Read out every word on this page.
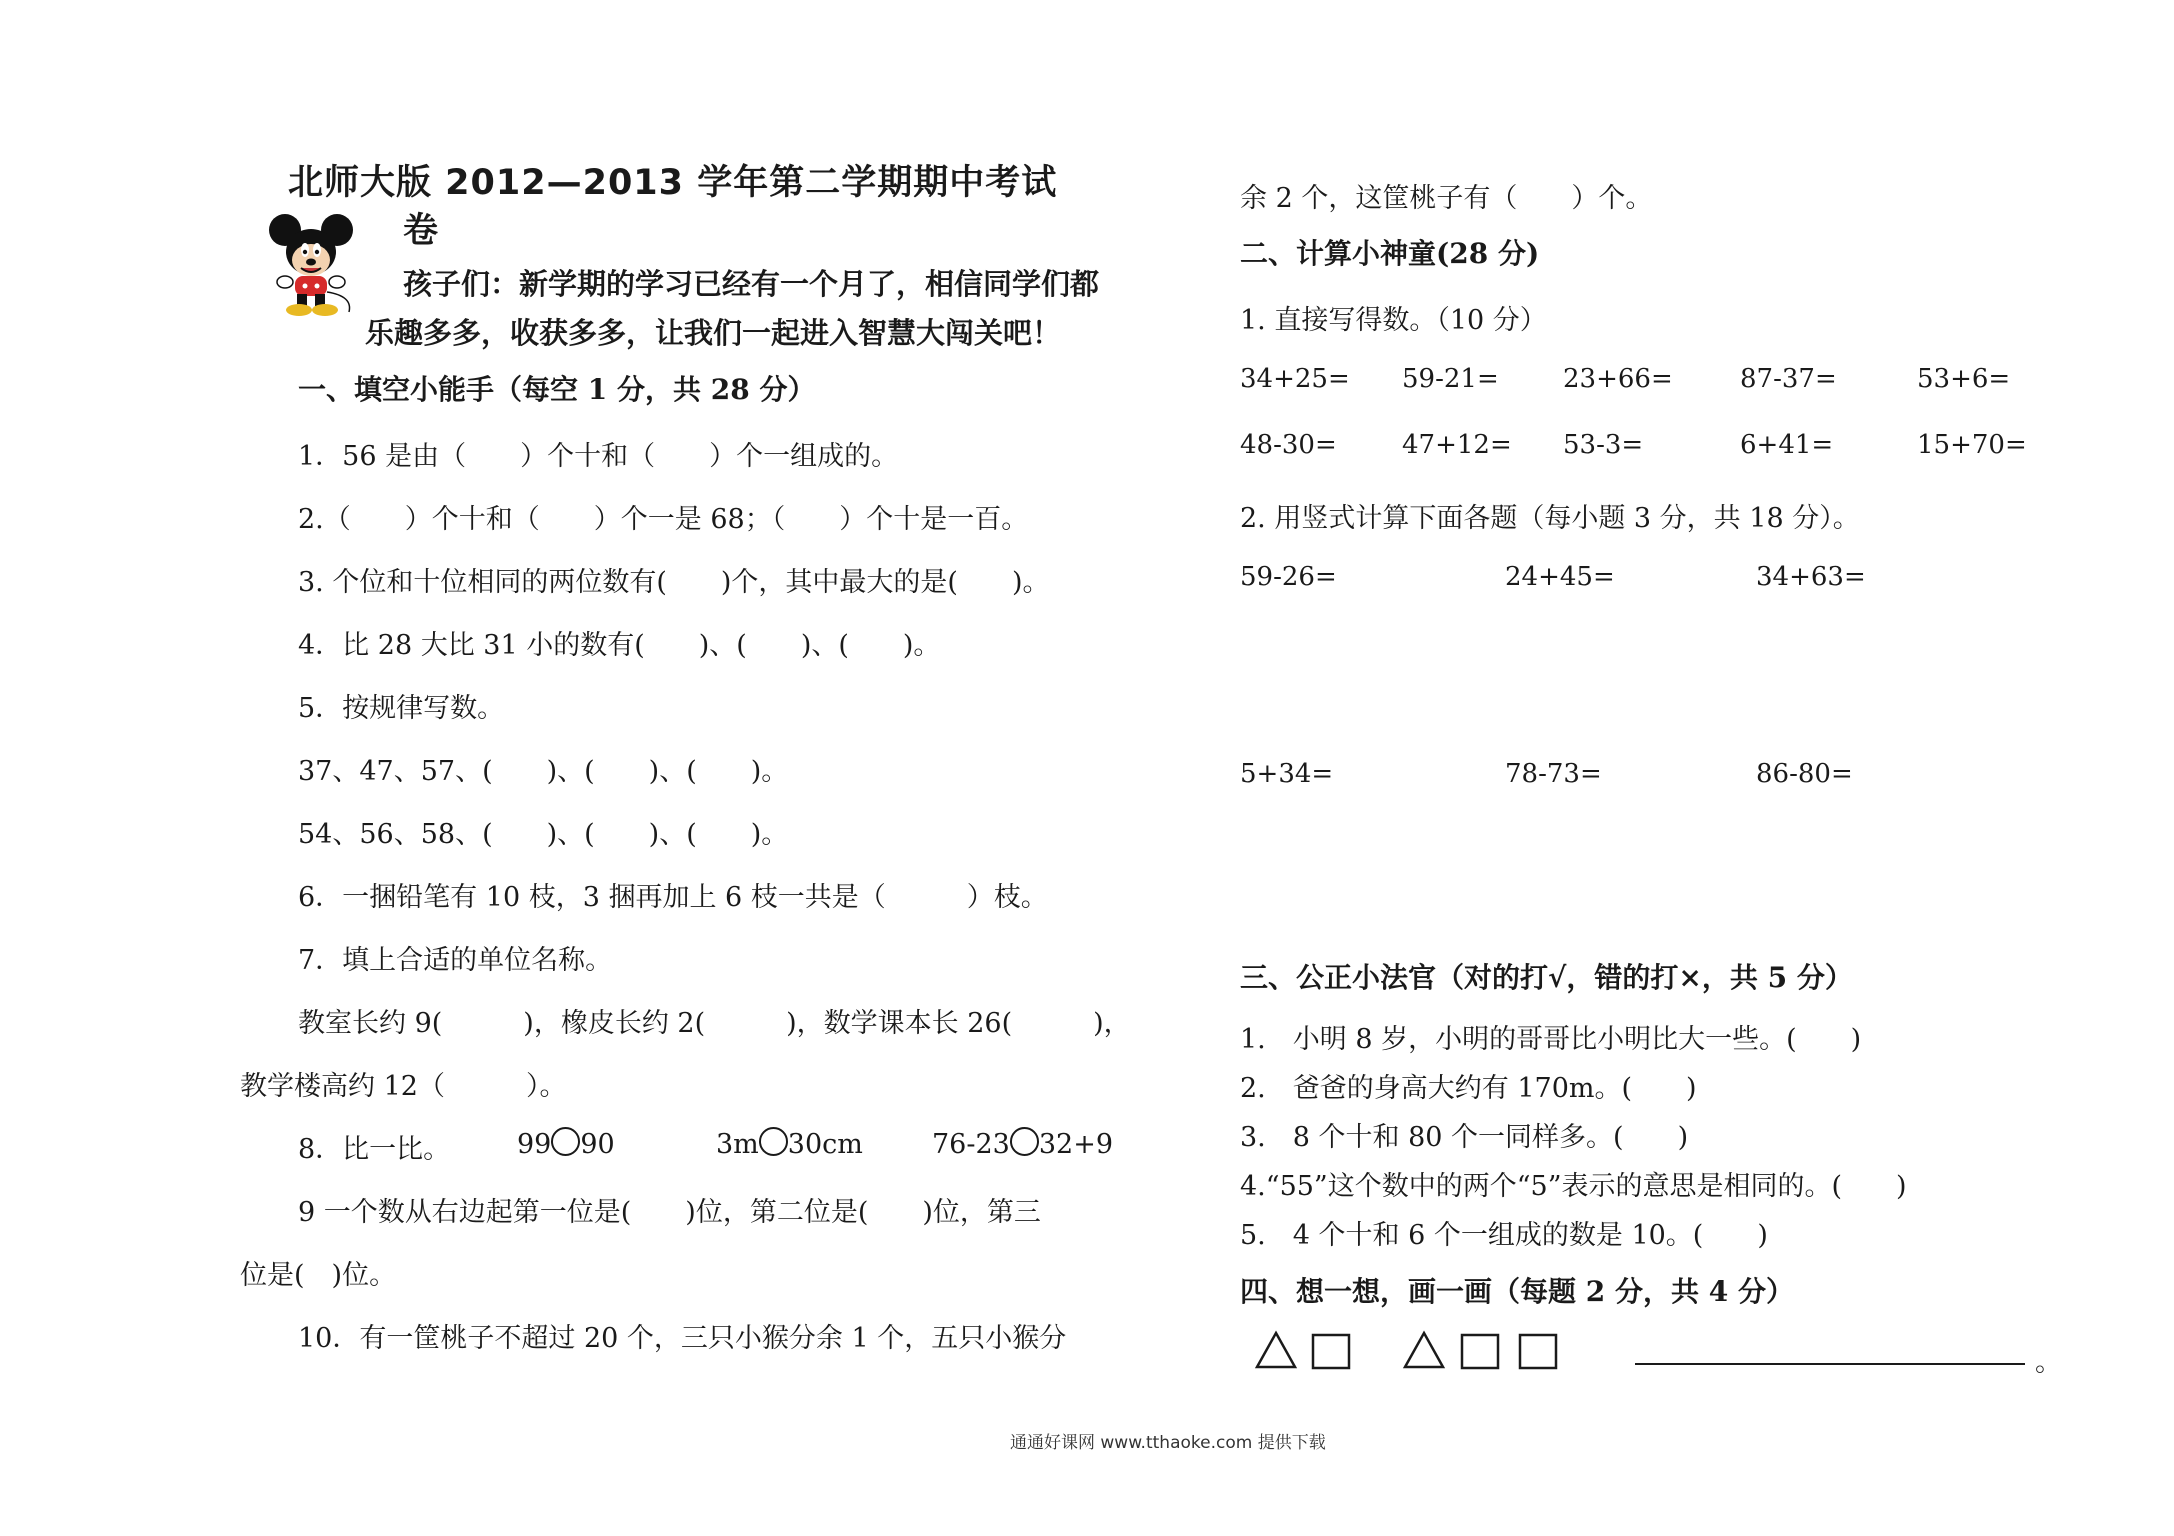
北师大版 2012—2013 学年第二学期期中考试
卷
孩子们：新学期的学习已经有一个月了，相信同学们都
乐趣多多，收获多多，让我们一起进入智慧大闯关吧！
一、填空小能手（每空 1 分，共 28 分）
1．56 是由（　　）个十和（　　）个一组成的。
2.（　　）个十和（　　）个一是 68；（　　）个十是一百。
3. 个位和十位相同的两位数有(　　)个，其中最大的是(　　)。
4．比 28 大比 31 小的数有(　　)、(　　)、(　　)。
5．按规律写数。
37、47、57、(　　)、(　　)、(　　)。
54、56、58、(　　)、(　　)、(　　)。
6．一捆铅笔有 10 枝，3 捆再加上 6 枝一共是（　　　）枝。
7．填上合适的单位名称。
教室长约 9(　　　)，橡皮长约 2(　　　)，数学课本长 26(　　　)，
教学楼高约 12（　　　）。
8．比一比。 99 90	3m 30cm	76-23 32+9
9 一个数从右边起第一位是(　　)位，第二位是(　　)位，第三
位是(　)位。
10．有一筐桃子不超过 20 个，三只小猴分余 1 个，五只小猴分
余 2 个，这筐桃子有（　　）个。
二、计算小神童(28 分)
1. 直接写得数。（10 分）
34+25= 59-21= 23+66=	87-37=	53+6=
48-30=	47+12= 53-3=	6+41=	15+70=
2. 用竖式计算下面各题（每小题 3 分，共 18 分）。
59-26=	24+45=	34+63=
5+34=	78-73=	86-80=
三、公正小法官（对的打√，错的打×，共 5 分）
1.　小明 8 岁，小明的哥哥比小明比大一些。(　　)
2.　爸爸的身高大约有 170m。(　　)
3.　8 个十和 80 个一同样多。(　　)
4.“55”这个数中的两个“5”表示的意思是相同的。(　　)
5.　4 个十和 6 个一组成的数是 10。(　　)
四、想一想，画一画（每题 2 分，共 4 分）
。
通通好课网 www.tthaoke.com 提供下载
